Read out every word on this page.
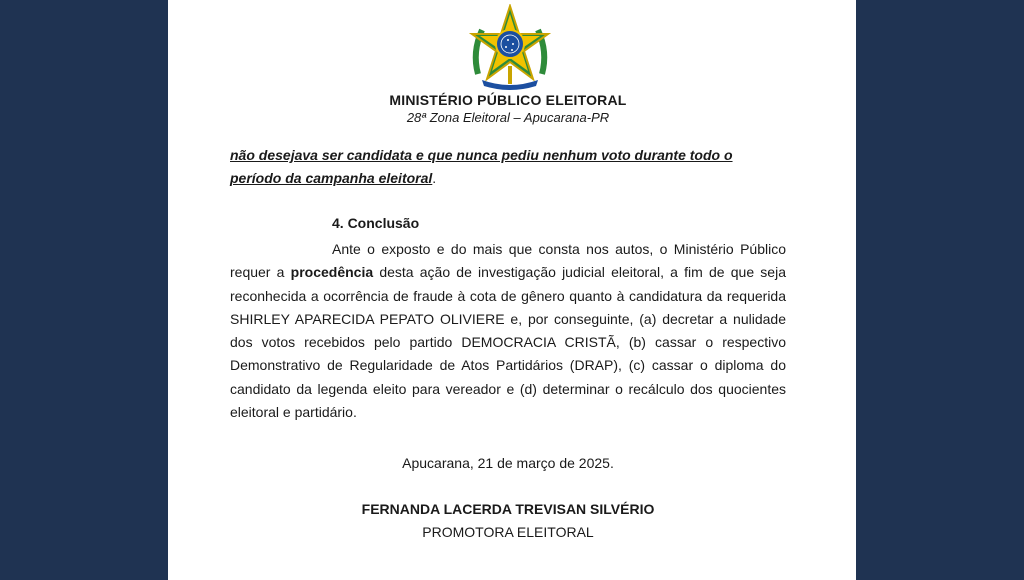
MINISTÉRIO PÚBLICO ELEITORAL
28ª Zona Eleitoral – Apucarana-PR
não desejava ser candidata e que nunca pediu nenhum voto durante todo o período da campanha eleitoral.
4. Conclusão
Ante o exposto e do mais que consta nos autos, o Ministério Público requer a procedência desta ação de investigação judicial eleitoral, a fim de que seja reconhecida a ocorrência de fraude à cota de gênero quanto à candidatura da requerida SHIRLEY APARECIDA PEPATO OLIVIERE e, por conseguinte, (a) decretar a nulidade dos votos recebidos pelo partido DEMOCRACIA CRISTÃ, (b) cassar o respectivo Demonstrativo de Regularidade de Atos Partidários (DRAP), (c) cassar o diploma do candidato da legenda eleito para vereador e (d) determinar o recálculo dos quocientes eleitoral e partidário.
Apucarana, 21 de março de 2025.
FERNANDA LACERDA TREVISAN SILVÉRIO
PROMOTORA ELEITORAL
